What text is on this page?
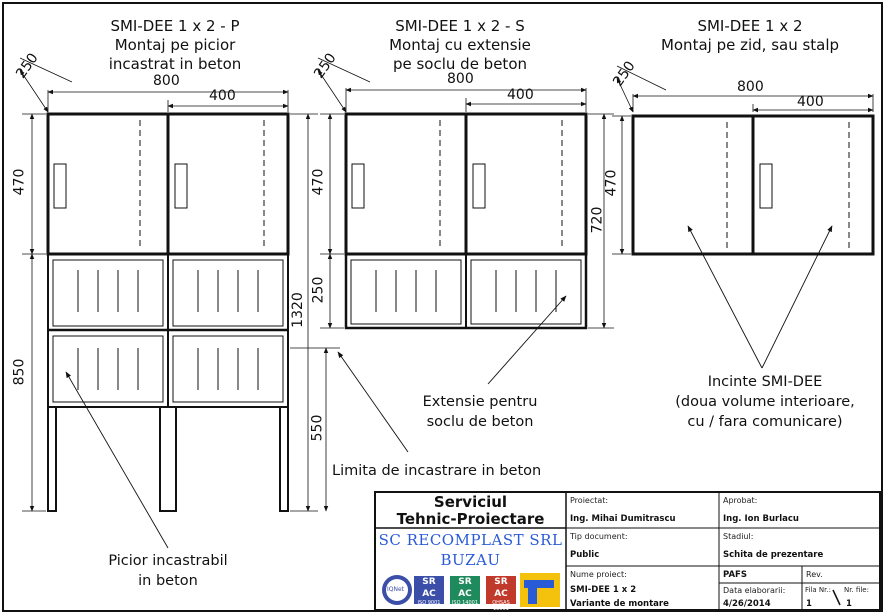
SMI-DEE 1 x 2 - P
Montaj pe picior
incastrat in beton
250	800
400
470
850
1320
550
SMI-DEE 1 x 2 - S
Montaj cu extensie
pe soclu de beton
250	800
400
470
250
720
SMI-DEE 1 x 2
Montaj pe zid, sau stalp
250	800
400
470
Limita de incastrare in beton
Extensie pentru
soclu de beton
Incinte SMI-DEE
(doua volume interioare,
cu / fara comunicare)
Picior incastrabil
in beton
Serviciul
Tehnic-Proiectare
SC RECOMPLAST SRL
BUZAU
IQNet
SR AC
ISO 9001
SR AC
ISO 14001
SR AC
OHSAS 18001
Proiectat:
Ing. Mihai Dumitrascu
Aprobat:
Ing. Ion Burlacu
Tip document:
Public
Stadiul:
Schita de prezentare
Nume proiect:
SMI-DEE 1 x 2
Variante de montare
PAFS	Rev.
Data elaborarii:
4/26/2014
Fila Nr.: Nr. file:
1	1
